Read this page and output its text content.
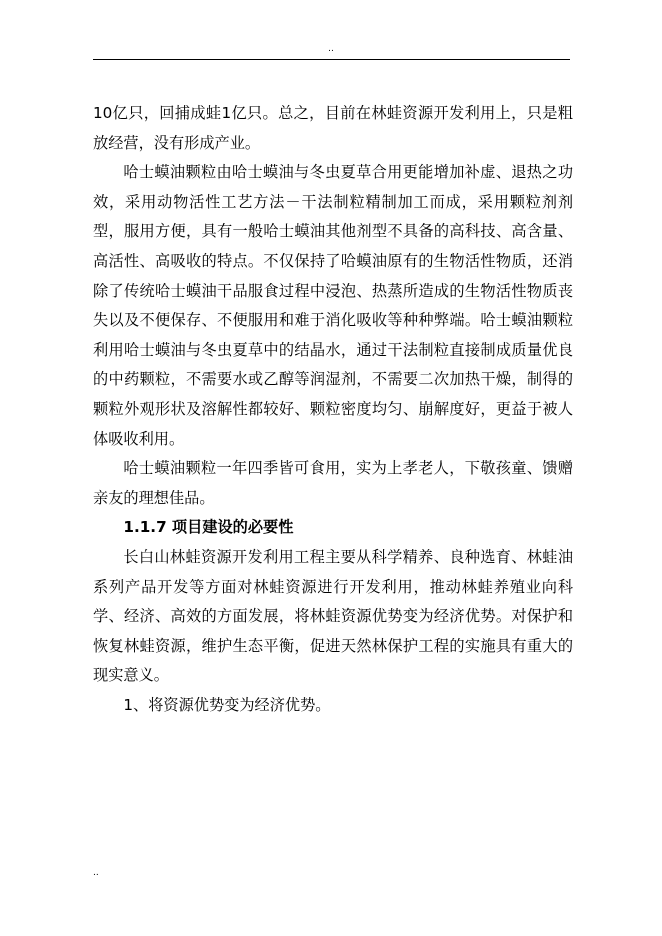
..

10亿只，回捕成蛙1亿只。总之，目前在林蛙资源开发利用上，只是粗放经营，没有形成产业。

哈士蟆油颗粒由哈士蟆油与冬虫夏草合用更能增加补虚、退热之功效，采用动物活性工艺方法－干法制粒精制加工而成，采用颗粒剂剂型，服用方便，具有一般哈士蟆油其他剂型不具备的高科技、高含量、高活性、高吸收的特点。不仅保持了哈蟆油原有的生物活性物质，还消除了传统哈士蟆油干品服食过程中浸泡、热蒸所造成的生物活性物质丧失以及不便保存、不便服用和难于消化吸收等种种弊端。哈士蟆油颗粒利用哈士蟆油与冬虫夏草中的结晶水，通过干法制粒直接制成质量优良的中药颗粒，不需要水或乙醇等润湿剂，不需要二次加热干燥，制得的颗粒外观形状及溶解性都较好、颗粒密度均匀、崩解度好，更益于被人体吸收利用。

哈士蟆油颗粒一年四季皆可食用，实为上孝老人，下敬孩童、馈赠亲友的理想佳品。

1.1.7 项目建设的必要性

长白山林蛙资源开发利用工程主要从科学精养、良种选育、林蛙油系列产品开发等方面对林蛙资源进行开发利用，推动林蛙养殖业向科学、经济、高效的方面发展，将林蛙资源优势变为经济优势。对保护和恢复林蛙资源，维护生态平衡，促进天然林保护工程的实施具有重大的现实意义。

1、将资源优势变为经济优势。

..
